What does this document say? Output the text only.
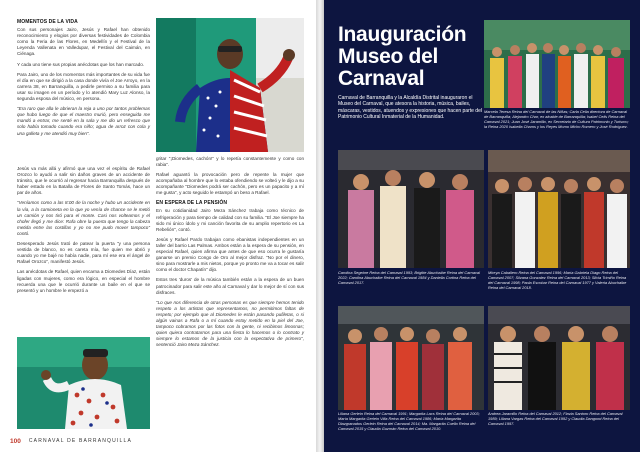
MOMENTOS DE LA VIDA

Con sus personajes Jairo, Jesús y Rafael han obtenido reconocimiento y elogios por diversas festividades de Colombia como la Feria de las Flores, en Medellín y el Festival de la Leyenda Vallenata en Valledupar, el Festival del Caimán, en Ciénaga.

Y cada uno tiene sus propias anécdotas que los han marcado.

Para Jairo, uno de los momentos más importantes de su vida fue el día en que se dirigió a la casa donde vivía el Joe Arroyo, en la carrera 38, en Barranquilla, a pedirle permiso a su familia para usar su imagen en un período y lo atendió Mary Luz Alonso, la segunda esposa del músico, en persona.

"Era raro que alla le abrieran la reja a uno por tantos problemas que hubo luego de que el maestro murió, pero enseguida me mandó a entrar, me senté en la sala y me dio un refresco que solo había tomado cuando era niño; agua de arroz con cola y una galleta y me atendió muy bien".

gritar "¡Diomedes, cachón!" y lo repetía constantemente y como con rabia".

Jesús va más allá y afirmó que una vez el espíritu de Rafael Orozco lo ayudó a salir sin daños graves de un accidente de tránsito, que le ocurrió al regresar hacia Barranquilla después de haber estado en la Batalla de Flores de Santo Tomás, hace un par de años.

"Veníamos como a las 8:00 de la noche y hubo un accidente en la vía, a la camioneta en la que yo venía de chance se le metió un camión y nos tiró para el monte. Casi nos volteamos y el chofer llegó y me dice: Rafa obre la puerta que tengo la cabeza metida entre las costillas y yo no me pudo mover tampoco" contó.

Desesperado Jesús trató de patear la puerta "y una persona vestida de blanco, no es careta mía, fue quien me abrió y cuando yo me bajé no había nadie, para mí ese era el ángel de Rafael Orozco", manifestó Jesús.

Las anécdotas de Rafael, quien encarna a Diomedes Díaz, están ligadas con mujeres, como era lógico, en especial el hombre recuerda una que le ocurrió durante un baile en el que se presentó y un hombre le empezó a

Rafael aguantó la provocación pero de repente la mujer que acompañaba al hombre que lo estaba ofendiendo se volteó y le dijo a su acompañante "Diomedes podrá ser cachón, pero es un papacito y a mí me gusta", y acto seguido le estampó un beso a Rafael.

EN ESPERA DE LA PENSIÓN

En su cotidianidad Jairo Meza Sánchez trabaja como técnico de refrigeración y para tiempo de calidad con su familia. "El Joe siempre ha sido mi único ídolo y mi canción favorita de su amplio repertorio es La Rebelión", contó.

Jesús y Rafael Pardo trabajan como ebanistas independientes en un taller del barrio Las Palmas. Ambos están a la espera de su pensión, en especial Rafael, quien afirma que antes de que eso ocurra le gustaría ganarse un premio Congo de Oro al mejor disfraz. "No por el dinero, sino para mostrarle a mis nietos, porque yo pronto me va a tocar es salir como el doctor Chapatín" dijo.

Estos tres 'duros' de la música también están a la espera de un buen patrocinador para salir este año al Carnaval y dar lo mejor de sí con sus disfraces.

"Lo que nos diferencia de otras personas es que siempre hemos tenido respeto a los artistas que representamos, no permitimos faltas de respeto; por ejemplo que al Diomedes le están pasando pufiletas, o si algún vainas a Rafa o a mí cuando estoy metido en la piel del Joe, tampoco cobramos por las fotos con la gente, ni recibimos limosnas; quien quiera contratarnos para una fiesta lo hacemos o lo contrato y siempre lo estamos de la justicia con la expectativa de primero", sentenció Jairo Meza Sánchez.

100 CARNAVAL DE BARRANQUILLA
Inauguración Museo del Carnaval
Carnaval de Barranquilla y la Alcaldía Distrital inauguraron el Museo del Carnaval, que atesora la historia, música, bailes, máscaras, vestidos, atuendos y expresiones que hacen parte del Patrimonio Cultural Inmaterial de la Humanidad.
Marcela Teresa Reina del Carnaval de las Niñas; Carla Celia directora de Carnaval de Barranquilla; Alejandro Char, ex alcalde de Barranquilla; Isabel Celis Reina del Carnaval 2021; Juan José Jaramillo, ex Secretario de Cultura Patrimonio y Turismo; la Reina 2020 Isabella Chams y los Reyes Momo Micho Romero y José Rodríguez.
Carolina Segebre Reina del Carnaval 1993; Brigitte Abuchaibe Reina del Carnaval 2022; Carolina Abuchaibe Reina del Carnaval 1984 y Daniella Cortina Reina del Carnaval 2017.
Mireya Caballero Reina del Carnaval 1996; María Gabriela Diago Reina del Carnaval 2007; Silvana Gonzalez Reina del Carnaval 2013; Silvia Trimiño Reina del Carnaval 1998; Paola Escobar Reina del Carnaval 1977 y Valeria Abuchaibe Reina del Carnaval 2018.
Liliana Gerlein Reina del Carnaval 1991; Margarita Lacs Reina del Carnaval 2003; María Margarita Gerlein Villa Reina del Carnaval 1986; María Margarita Diazgranados Gerlein Reina del Carnaval 2014; Ma. Margarita Cuello Reina del Carnaval 2015 y Claudia Guzmán Reina del Carnaval 2010.
Andrea Jaramillo Reina del Carnaval 2012; Flavia Santoro Reina del Carnaval 1989; Liliana Vargas Reina del Carnaval 1992 y Claudia Dangond Reina del Carnaval 1997.
